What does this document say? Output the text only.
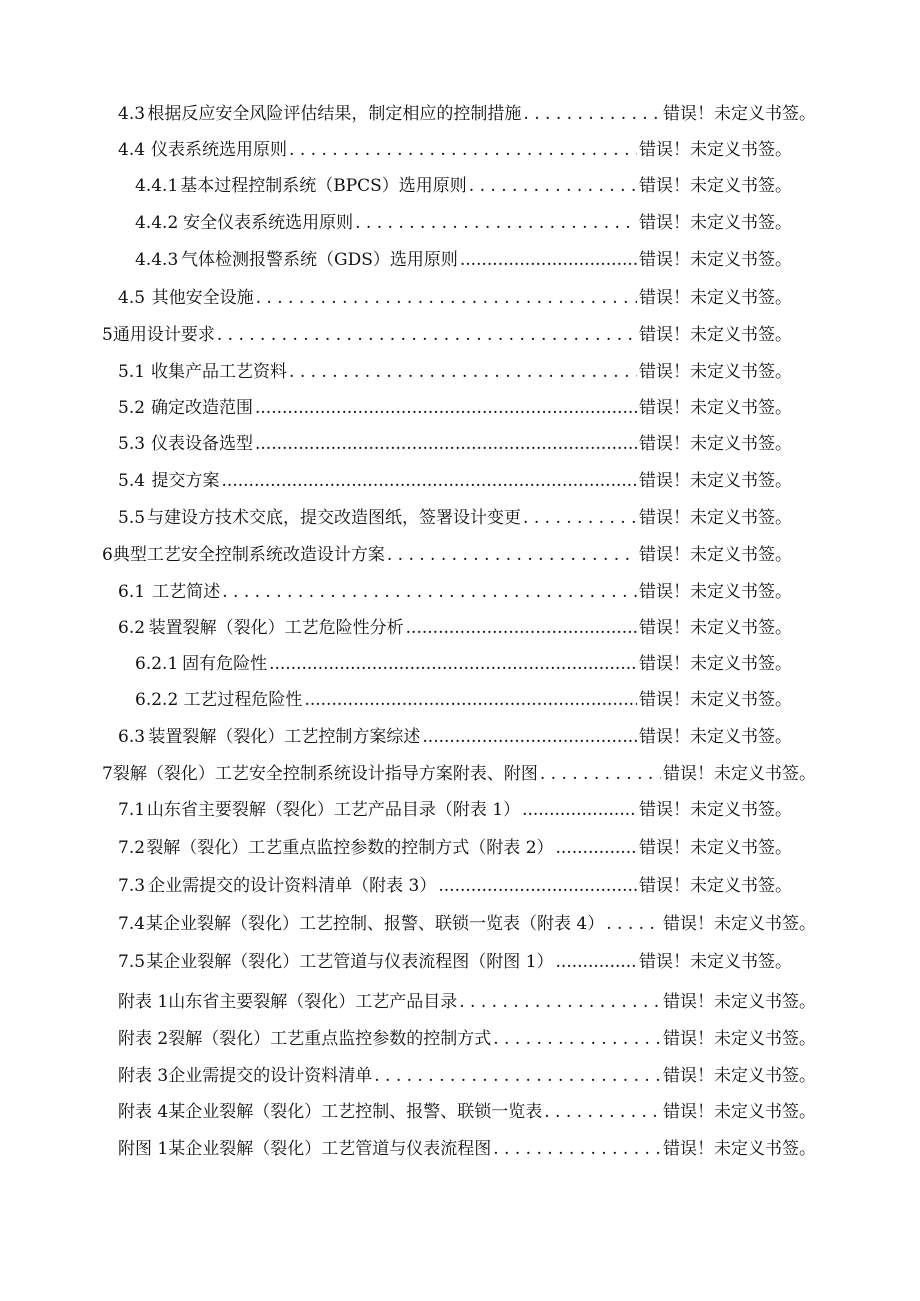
4.3 根据反应安全风险评估结果，制定相应的控制措施 . . .	错误！未定义书签。
4.4 仪表系统选用原则 . . .	错误！未定义书签。
4.4.1 基本过程控制系统（BPCS）选用原则 . . .	错误！未定义书签。
4.4.2 安全仪表系统选用原则 . . .	错误！未定义书签。
4.4.3 气体检测报警系统（GDS）选用原则 .....	错误！未定义书签。
4.5 其他安全设施 . . .	错误！未定义书签。
5 通用设计要求 . . .	错误！未定义书签。
5.1 收集产品工艺资料 . . .	错误！未定义书签。
5.2 确定改造范围 .....	错误！未定义书签。
5.3 仪表设备选型 .....	错误！未定义书签。
5.4 提交方案 .....	错误！未定义书签。
5.5 与建设方技术交底，提交改造图纸，签署设计变更 . . .	错误！未定义书签。
6 典型工艺安全控制系统改造设计方案 . . .	错误！未定义书签。
6.1 工艺简述 . . .	错误！未定义书签。
6.2 装置裂解（裂化）工艺危险性分析 .....	错误！未定义书签。
6.2.1 固有危险性 .....	错误！未定义书签。
6.2.2 工艺过程危险性 .....	错误！未定义书签。
6.3 装置裂解（裂化）工艺控制方案综述 .....	错误！未定义书签。
7 裂解（裂化）工艺安全控制系统设计指导方案附表、附图 . . .	错误！未定义书签。
7.1 山东省主要裂解（裂化）工艺产品目录（附表 1） .....	错误！未定义书签。
7.2 裂解（裂化）工艺重点监控参数的控制方式（附表 2） .....	错误！未定义书签。
7.3 企业需提交的设计资料清单（附表 3） .....	错误！未定义书签。
7.4 某企业裂解（裂化）工艺控制、报警、联锁一览表（附表 4） . . .	错误！未定义书签。
7.5 某企业裂解（裂化）工艺管道与仪表流程图（附图 1） .....	错误！未定义书签。
附表 1 山东省主要裂解（裂化）工艺产品目录 . . .	错误！未定义书签。
附表 2 裂解（裂化）工艺重点监控参数的控制方式 . . .	错误！未定义书签。
附表 3 企业需提交的设计资料清单 . . .	错误！未定义书签。
附表 4 某企业裂解（裂化）工艺控制、报警、联锁一览表 . . .	错误！未定义书签。
附图 1 某企业裂解（裂化）工艺管道与仪表流程图 . . .	错误！未定义书签。
